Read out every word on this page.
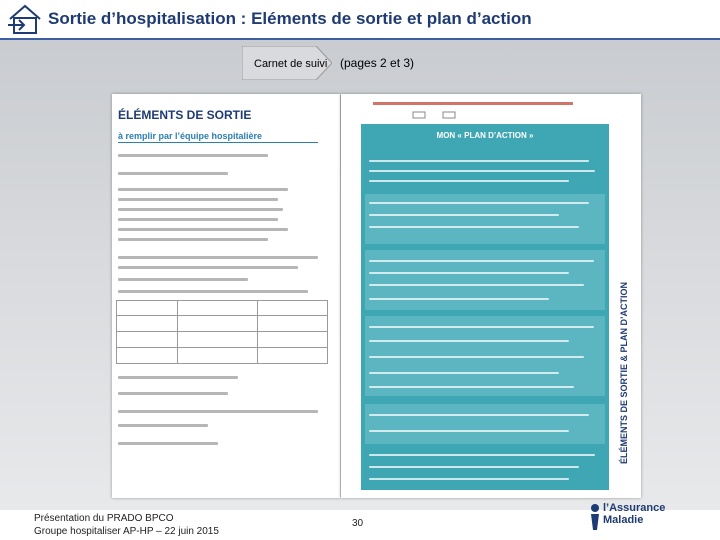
Sortie d’hospitalisation : Eléments de sortie et plan d’action
Carnet de suivi (pages 2 et 3)
ÉLÉMENTS DE SORTIE
à remplir par l’équipe hospitalière	MON « PLAN D’ACTION »
ÉLÉMENTS DE SORTIE & PLAN D’ACTION
Présentation du PRADO BPCO
Groupe hospitaliser AP-HP – 22 juin 2015
30
l’Assurance
Maladie
